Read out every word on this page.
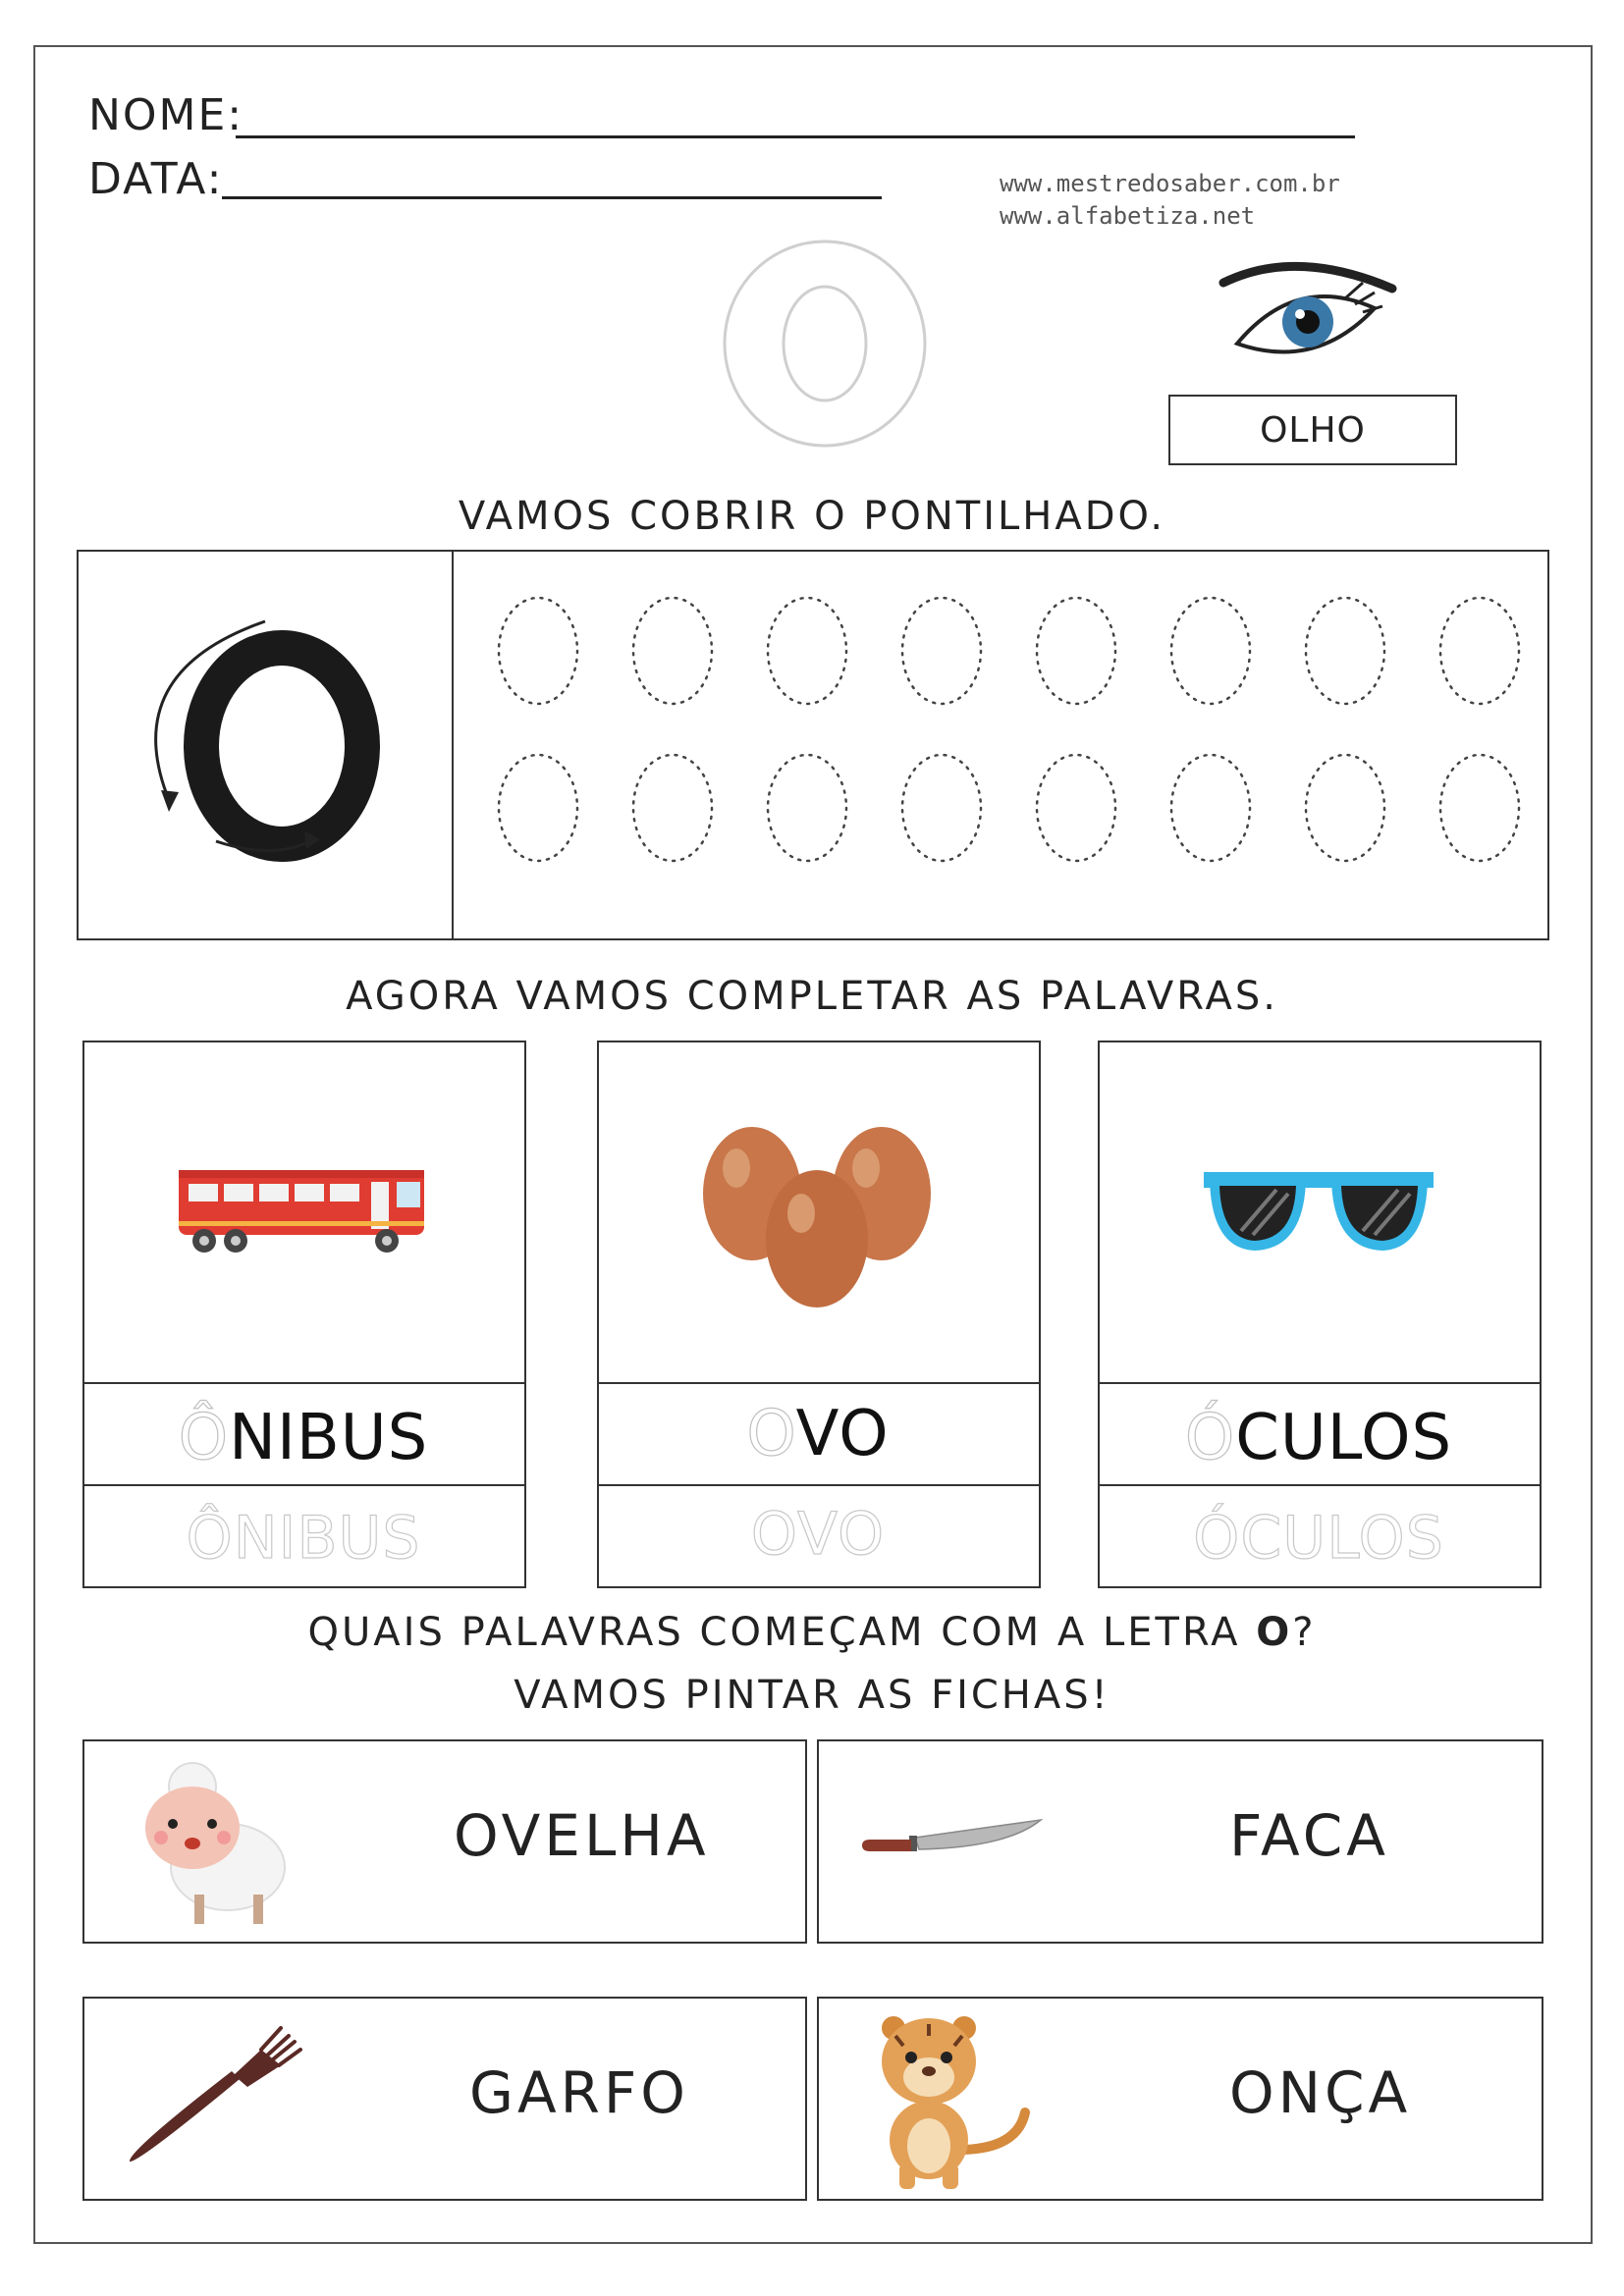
NOME:
DATA:	www.mestredosaber.com.br
www.alfabetiza.net
OLHO
VAMOS COBRIR O PONTILHADO.
AGORA VAMOS COMPLETAR AS PALAVRAS.
ÔNIBUS
ÔNIBUS
OVO
OVO
ÓCULOS
ÓCULOS
QUAIS PALAVRAS COMEÇAM COM A LETRA O?
VAMOS PINTAR AS FICHAS!
OVELHA	FACA
GARFO	ONÇA
